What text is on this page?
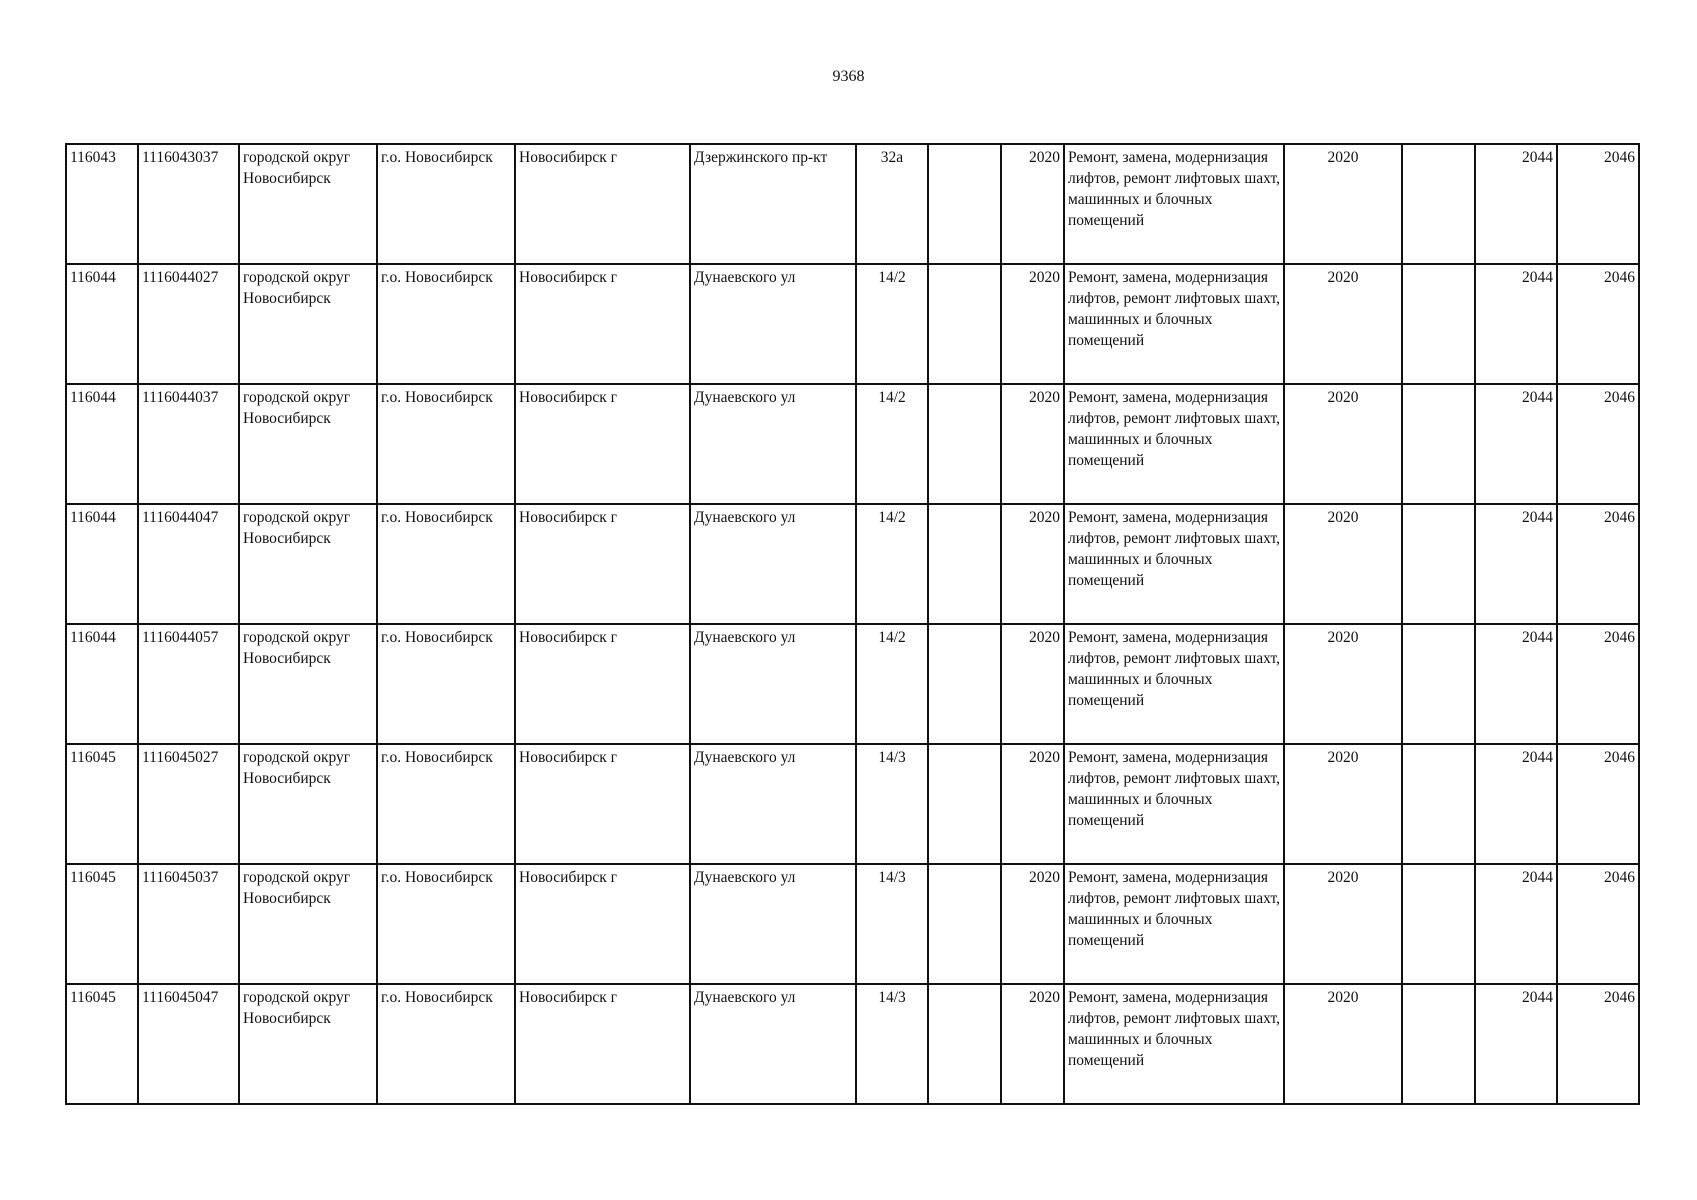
9368
116043	1116043037	городской округ Новосибирск	г.о. Новосибирск	Новосибирск г	Дзержинского пр-кт	32а		2020	Ремонт, замена, модернизация лифтов, ремонт лифтовых шахт, машинных и блочных помещений	2020		2044	2046
116044	1116044027	городской округ Новосибирск	г.о. Новосибирск	Новосибирск г	Дунаевского ул	14/2		2020	Ремонт, замена, модернизация лифтов, ремонт лифтовых шахт, машинных и блочных помещений	2020		2044	2046
116044	1116044037	городской округ Новосибирск	г.о. Новосибирск	Новосибирск г	Дунаевского ул	14/2		2020	Ремонт, замена, модернизация лифтов, ремонт лифтовых шахт, машинных и блочных помещений	2020		2044	2046
116044	1116044047	городской округ Новосибирск	г.о. Новосибирск	Новосибирск г	Дунаевского ул	14/2		2020	Ремонт, замена, модернизация лифтов, ремонт лифтовых шахт, машинных и блочных помещений	2020		2044	2046
116044	1116044057	городской округ Новосибирск	г.о. Новосибирск	Новосибирск г	Дунаевского ул	14/2		2020	Ремонт, замена, модернизация лифтов, ремонт лифтовых шахт, машинных и блочных помещений	2020		2044	2046
116045	1116045027	городской округ Новосибирск	г.о. Новосибирск	Новосибирск г	Дунаевского ул	14/3		2020	Ремонт, замена, модернизация лифтов, ремонт лифтовых шахт, машинных и блочных помещений	2020		2044	2046
116045	1116045037	городской округ Новосибирск	г.о. Новосибирск	Новосибирск г	Дунаевского ул	14/3		2020	Ремонт, замена, модернизация лифтов, ремонт лифтовых шахт, машинных и блочных помещений	2020		2044	2046
116045	1116045047	городской округ Новосибирск	г.о. Новосибирск	Новосибирск г	Дунаевского ул	14/3		2020	Ремонт, замена, модернизация лифтов, ремонт лифтовых шахт, машинных и блочных помещений	2020		2044	2046
